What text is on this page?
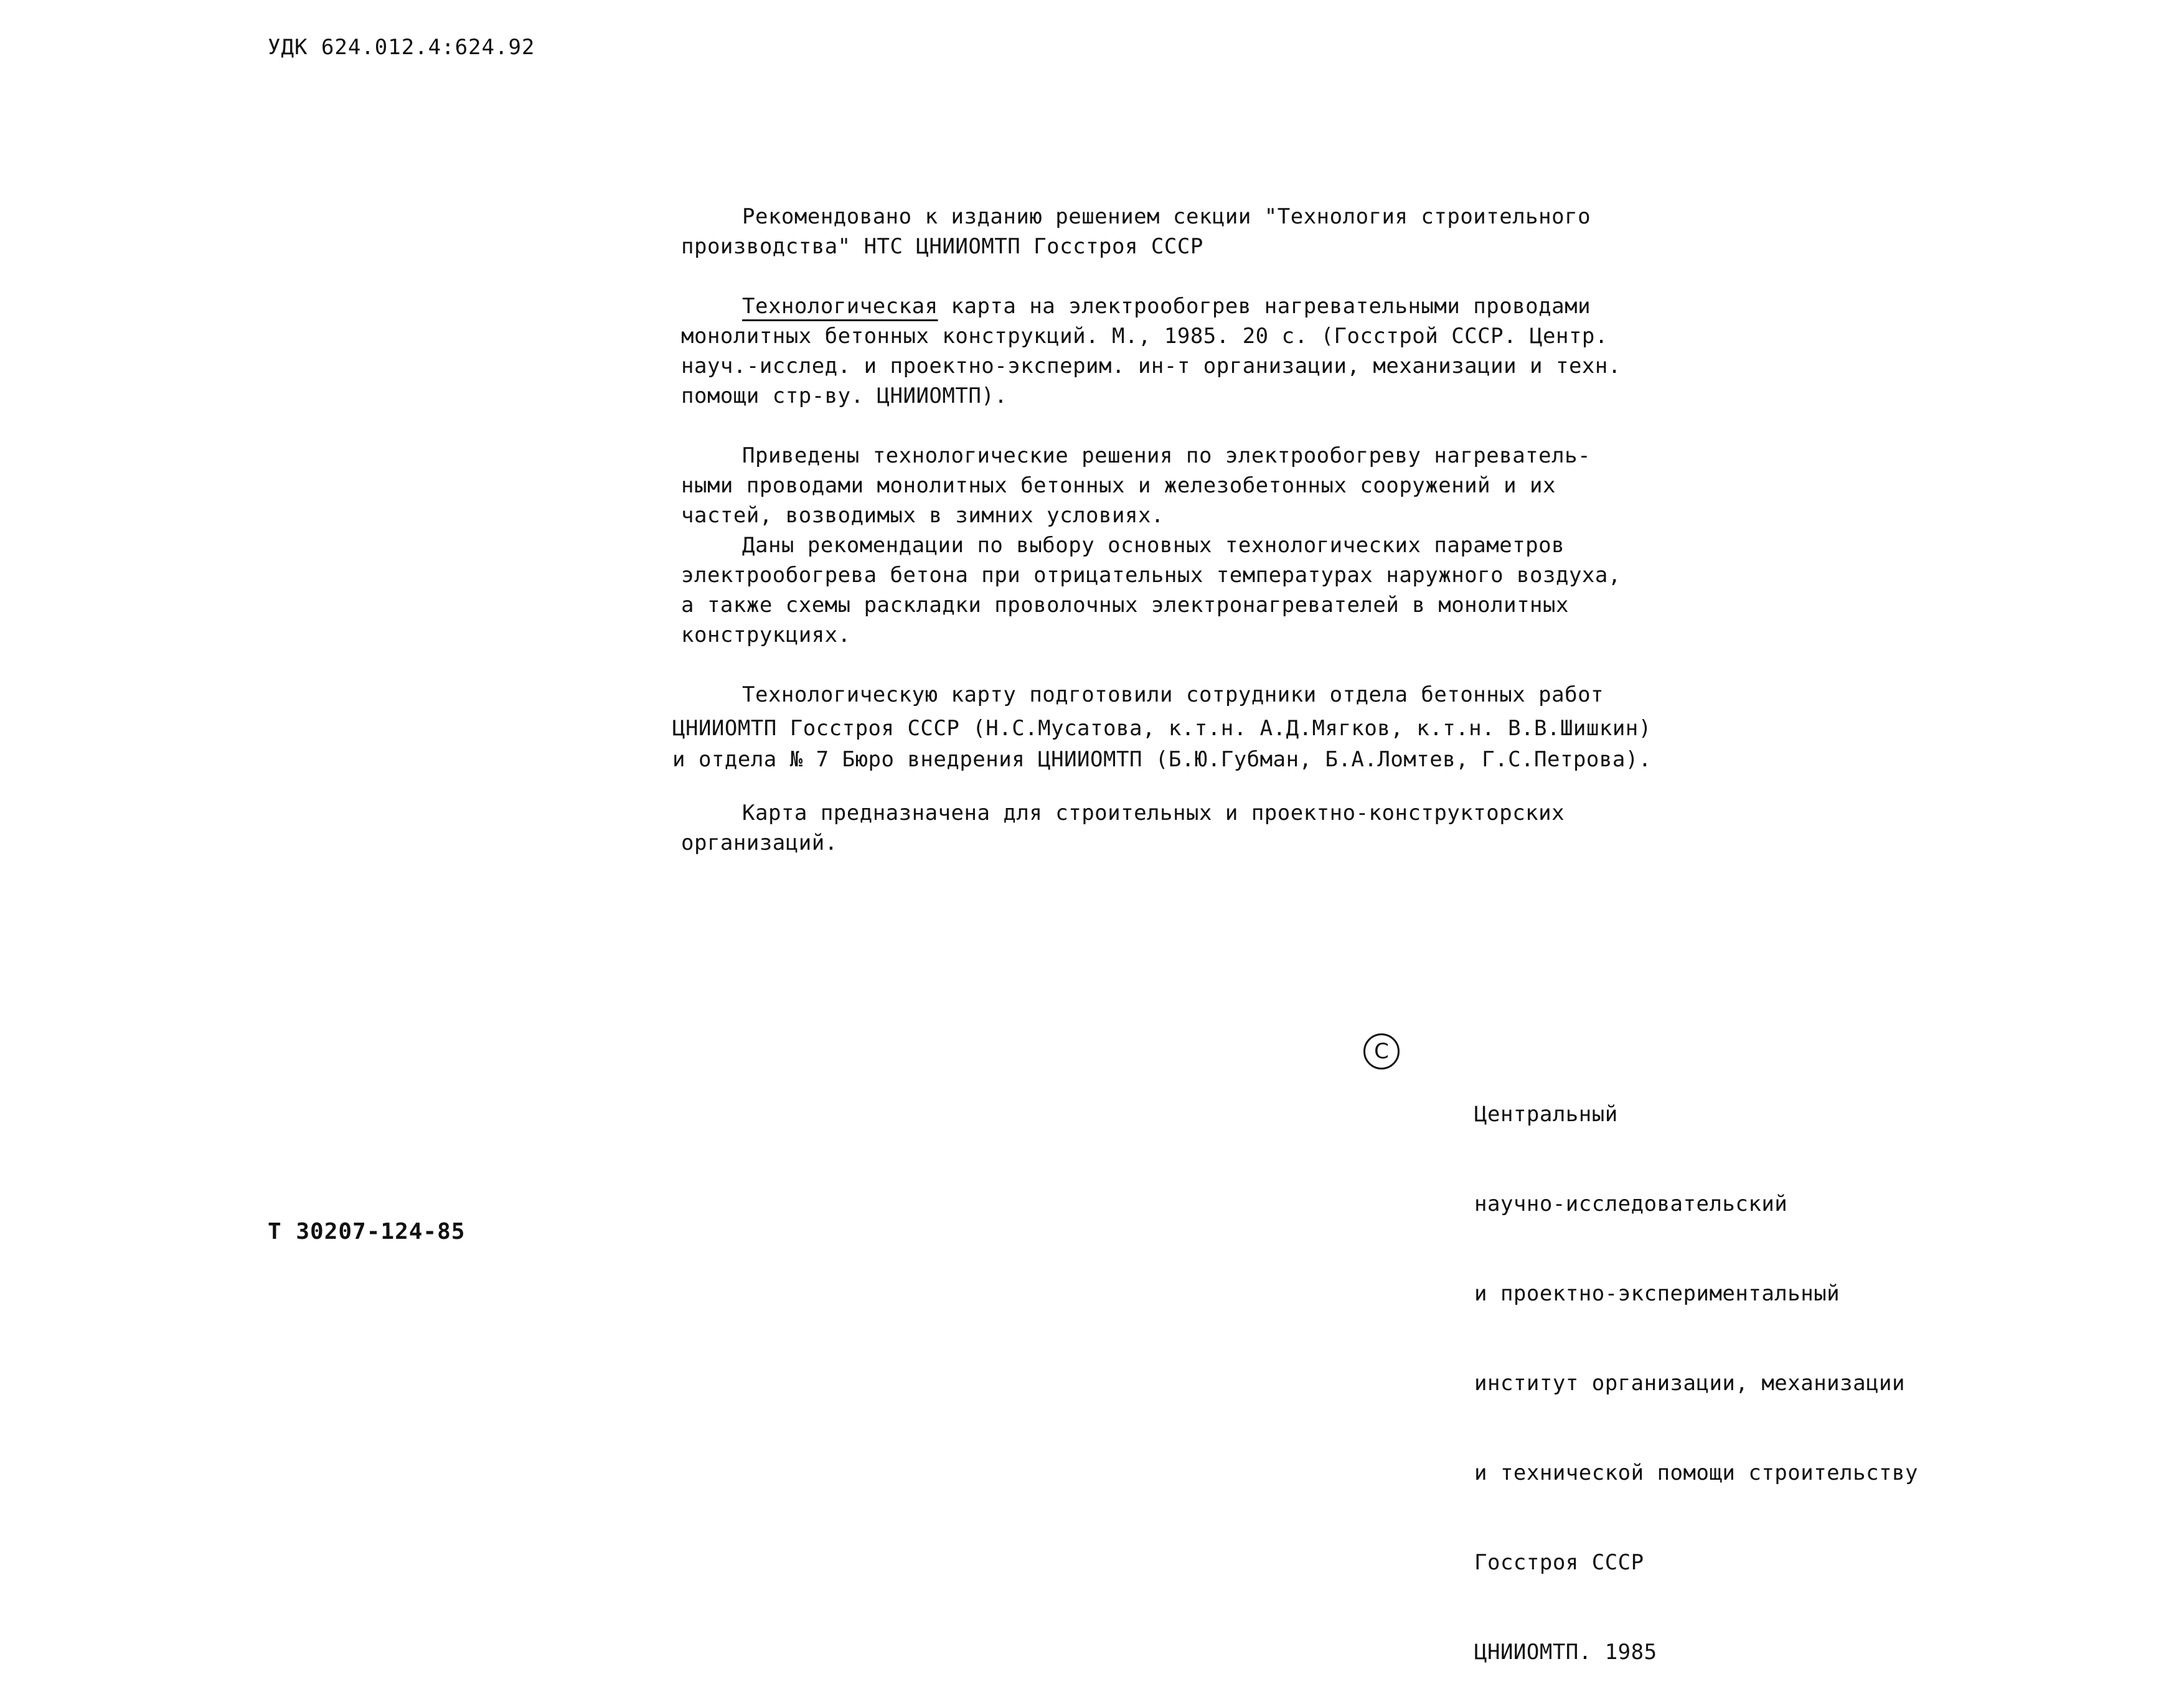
УДК 624.012.4:624.92
Рекомендовано к изданию решением секции "Технология строительного
производства" НТС ЦНИИОМТП Госстроя СССР
Технологическая карта на электрообогрев нагревательными проводами
монолитных бетонных конструкций. М., 1985. 20 с. (Госстрой СССР. Центр.
науч.-исслед. и проектно-эксперим. ин-т организации, механизации и техн.
помощи стр-ву. ЦНИИОМТП).
Приведены технологические решения по электрообогреву нагреватель-
ными проводами монолитных бетонных и железобетонных сооружений и их
частей, возводимых в зимних условиях.
Даны рекомендации по выбору основных технологических параметров
электрообогрева бетона при отрицательных температурах наружного воздуха,
а также схемы раскладки проволочных электронагревателей в монолитных
конструкциях.
Технологическую карту подготовили сотрудники отдела бетонных работ
ЦНИИОМТП Госстроя СССР (Н.С.Мусатова, к.т.н. А.Д.Мягков, к.т.н. В.В.Шишкин)
и отдела № 7 Бюро внедрения ЦНИИОМТП (Б.Ю.Губман, Б.А.Ломтев, Г.С.Петрова).
Карта предназначена для строительных и проектно-конструкторских
организаций.
C

Центральный

научно-исследовательский

и проектно-экспериментальный

институт организации, механизации

и технической помощи строительству

Госстроя СССР

ЦНИИОМТП. 1985

Т 30207-124-85
